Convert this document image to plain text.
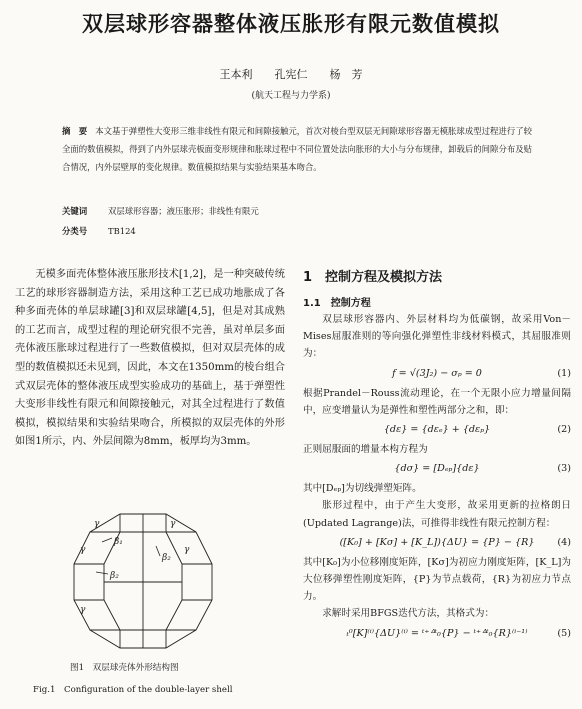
双层球形容器整体液压胀形有限元数值模拟
王本利　　孔宪仁　　杨　芳
(航天工程与力学系)
摘　要 本文基于弹塑性大变形三维非线性有限元和间隙接触元，首次对棱台型双层无间隙球形容器无模胀球成型过程进行了较全面的数值模拟，得到了内外层球壳板面变形规律和胀球过程中不同位置处法向胀形的大小与分布规律，卸载后的间隙分布及贴合情况，内外层壁厚的变化规律。数值模拟结果与实验结果基本吻合。
关键词 双层球形容器；液压胀形；非线性有限元
分类号 TB124
无模多面壳体整体液压胀形技术[1,2]，是一种突破传统工艺的球形容器制造方法，采用这种工艺已成功地胀成了各种多面壳体的单层球罐[3]和双层球罐[4,5]，但是对其成熟的工艺而言，成型过程的理论研究很不完善，虽对单层多面壳体液压胀球过程进行了一些数值模拟，但对双层壳体的成型的数值模拟还未见到，因此，本文在1350mm的棱台组合式双层壳体的整体液压成型实验成功的基础上，基于弹塑性大变形非线性有限元和间隙接触元，对其全过程进行了数值模拟，模拟结果和实验结果吻合，所模拟的双层壳体的外形如图1所示，内、外层间隙为8mm，板厚均为3mm。
1　控制方程及模拟方法
1.1　控制方程

双层球形容器内、外层材料均为低碳钢，故采用Von－Mises屈服准则的等向强化弹塑性非线材料模式，其屈服准则为：

f = √(3J₂) − σₚ = 0	(1)

根据Prandel－Rouss流动理论，在一个无限小应力增量间隔中，应变增量认为是弹性和塑性两部分之和，即：

{dε} = {dεₑ} + {dεₚ}	(2)

正则屈服面的增量本构方程为

{dσ} = [Dₑₚ]{dε}	(3)

其中[Dₑₚ]为切线弹塑矩阵。

胀形过程中，由于产生大变形，故采用更新的拉格朗日(Updated Lagrange)法，可推得非线性有限元控制方程：

([K₀] + [Kσ] + [K_L]){ΔU} = {P} − {R} (4)

其中[K₀]为小位移刚度矩阵，[Kσ]为初应力刚度矩阵，[K_L]为大位移弹塑性刚度矩阵，{P}为节点载荷，{R}为初应力节点力。

求解时采用BFGS迭代方法，其格式为：

ₜ⁰[K]⁽ⁱ⁾{ΔU}⁽ⁱ⁾ = ᵗ⁺ᐞᵗ₀{P} − ᵗ⁺ᐞᵗ₀{R}⁽ⁱ⁻¹⁾	(5)
γ
β₁
γ
γ
β₂
γ
β₂
γ
图1　双层球壳体外形结构图
Fig.1　Configuration of the double-layer shell
